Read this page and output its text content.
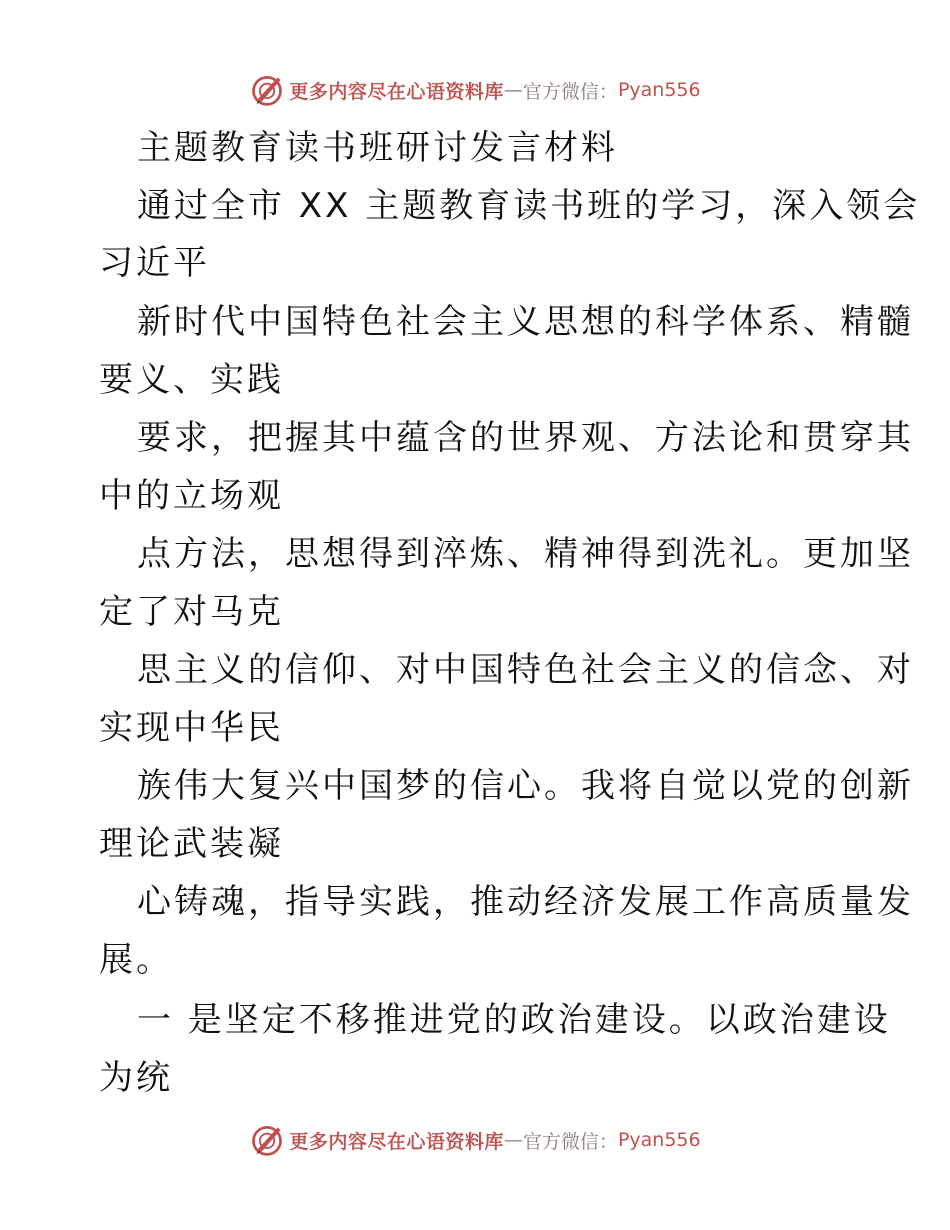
更多内容尽在心语资料库 — 官方微信： Pyan556
主题教育读书班研讨发言材料
通过全市 XX 主题教育读书班的学习，深入领会
习近平
新时代中国特色社会主义思想的科学体系、精髓
要义、实践
要求，把握其中蕴含的世界观、方法论和贯穿其
中的立场观
点方法，思想得到淬炼、精神得到洗礼。更加坚
定了对马克
思主义的信仰、对中国特色社会主义的信念、对
实现中华民
族伟大复兴中国梦的信心。我将自觉以党的创新
理论武装凝
心铸魂，指导实践，推动经济发展工作高质量发
展。
一 是坚定不移推进党的政治建设。以政治建设
为统
更多内容尽在心语资料库 — 官方微信： Pyan556
